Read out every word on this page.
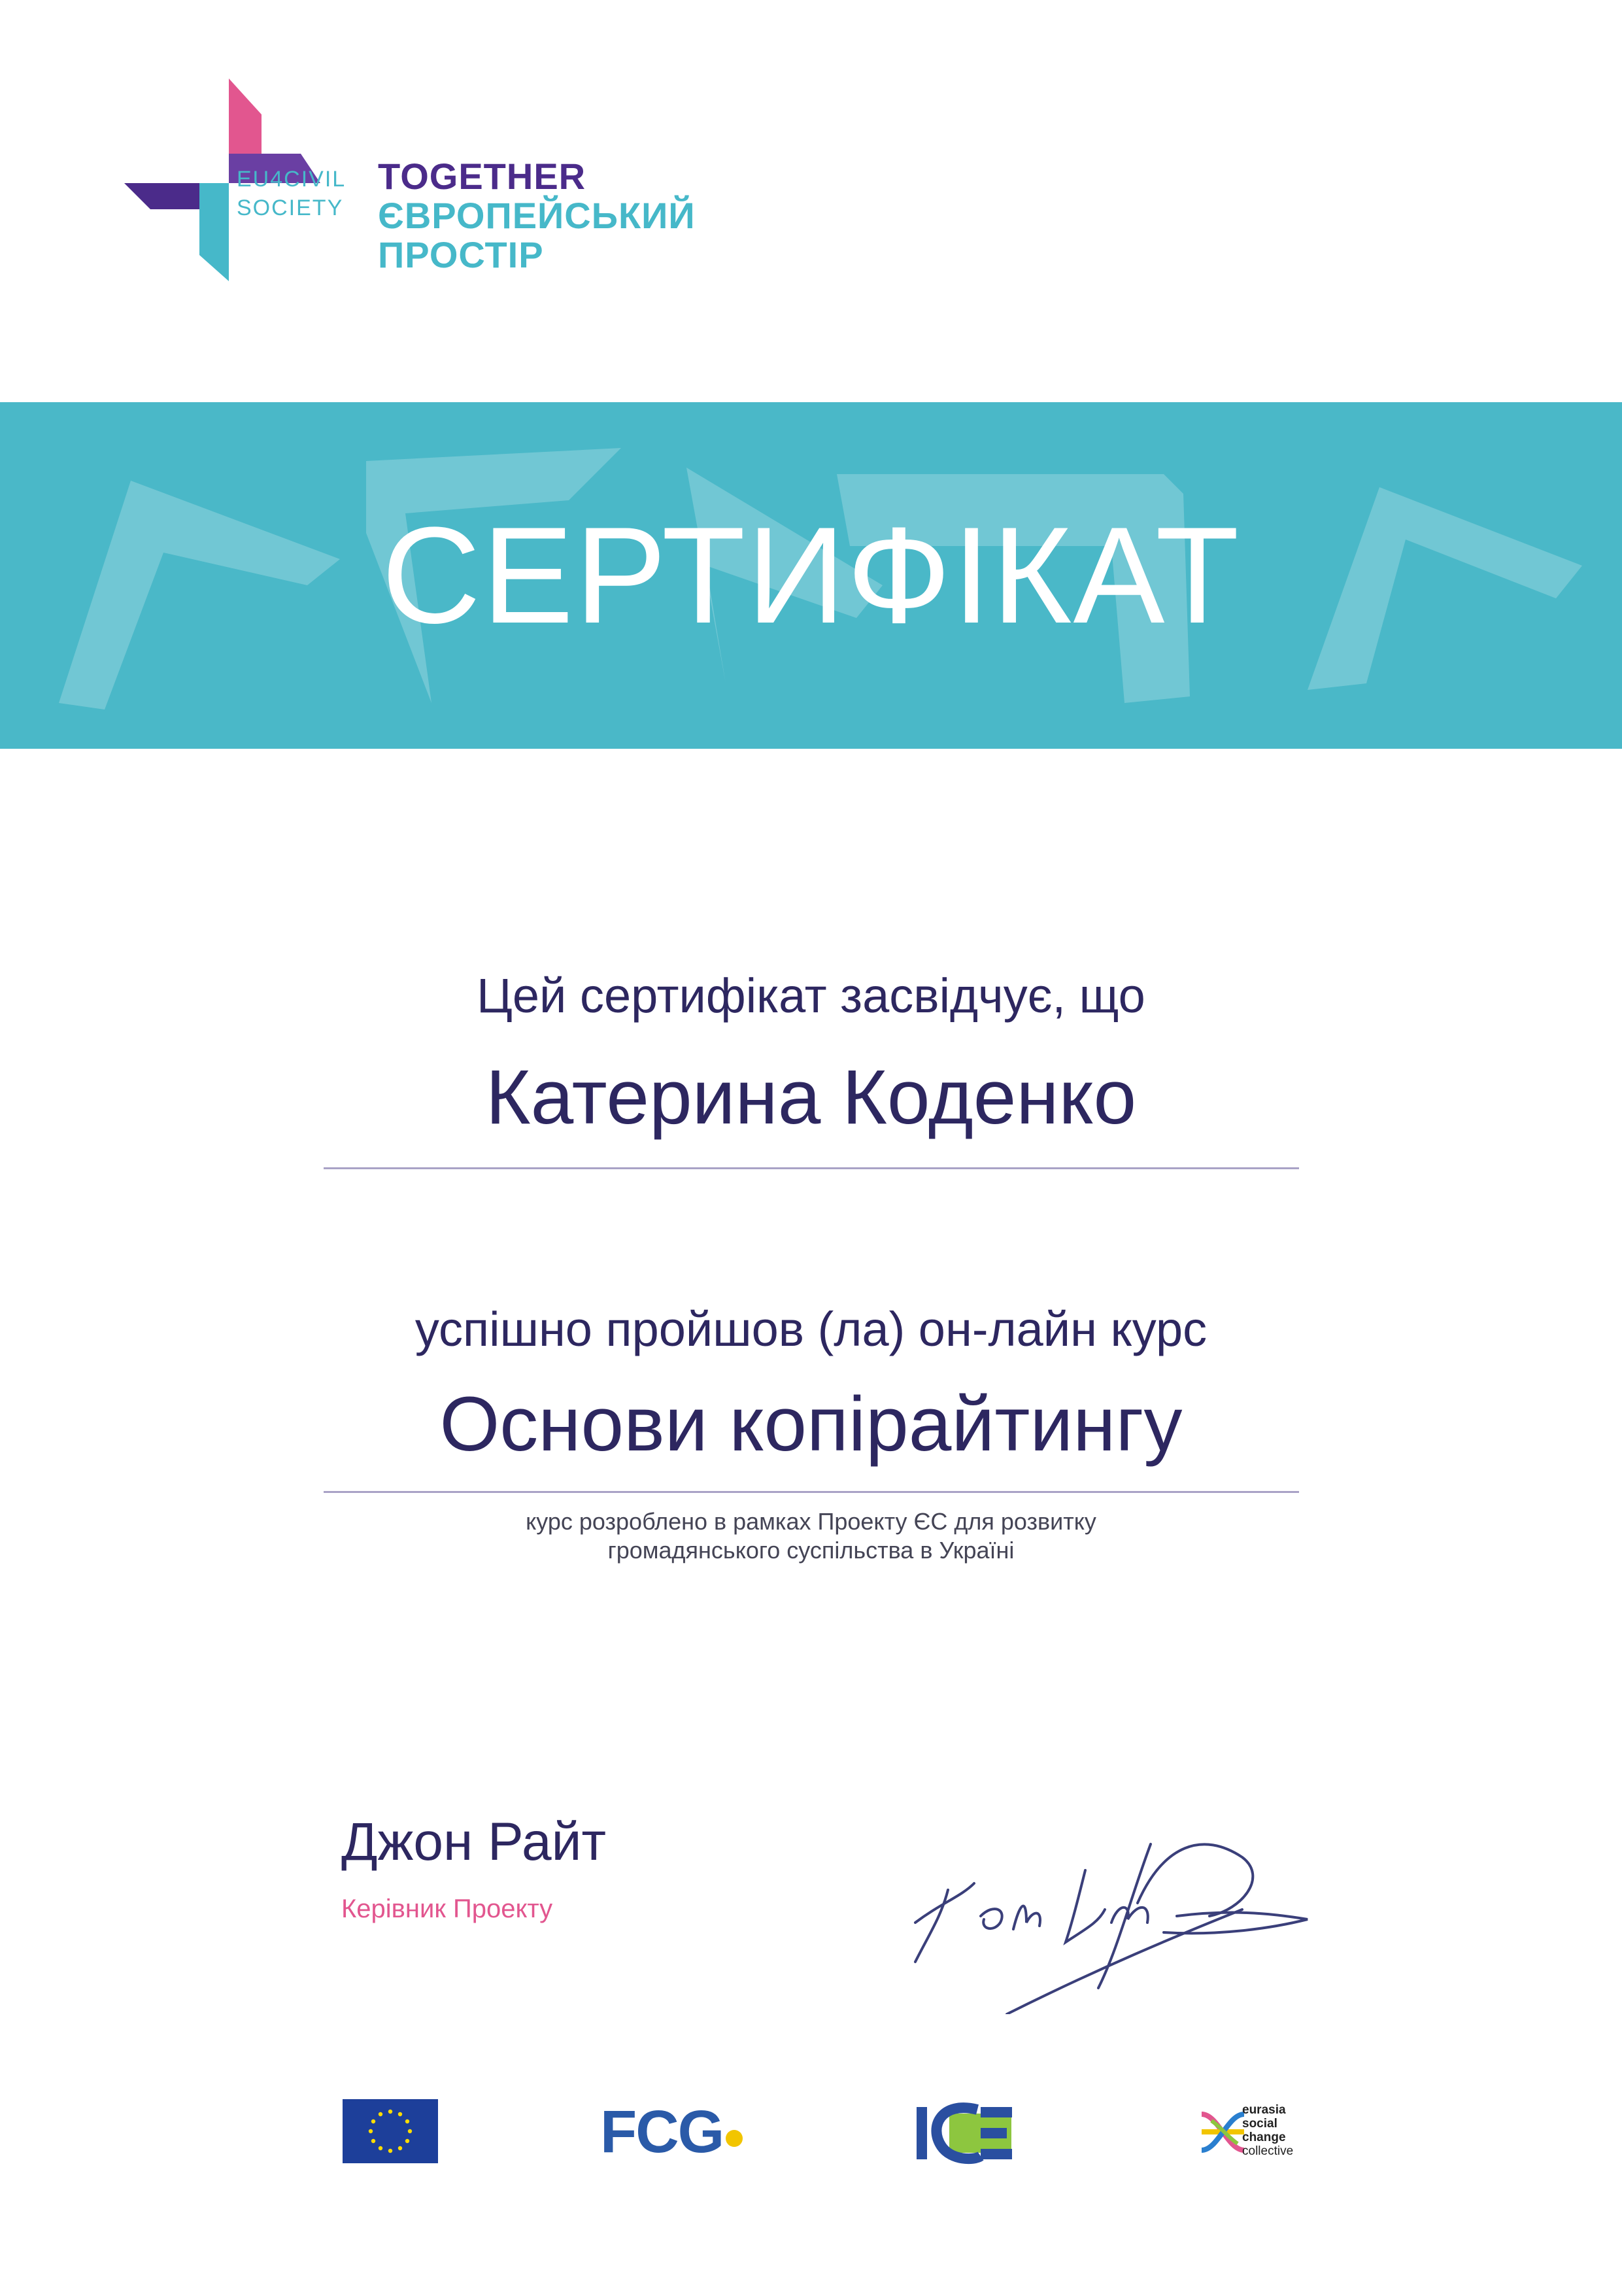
EU4CIVIL
SOCIETY
TOGETHER
ЄВРОПЕЙСЬКИЙ
ПРОСТІР
СЕРТИФІКАТ
Цей сертифікат засвідчує, що
Катерина Коденко
успішно пройшов (ла) он-лайн курс
Основи копірайтингу
курс розроблено в рамках Проекту ЄС для розвитку
громадянського суспільства в Україні
Джон Райт
Керівник Проекту
FCG	eurasia
social
change
collective
